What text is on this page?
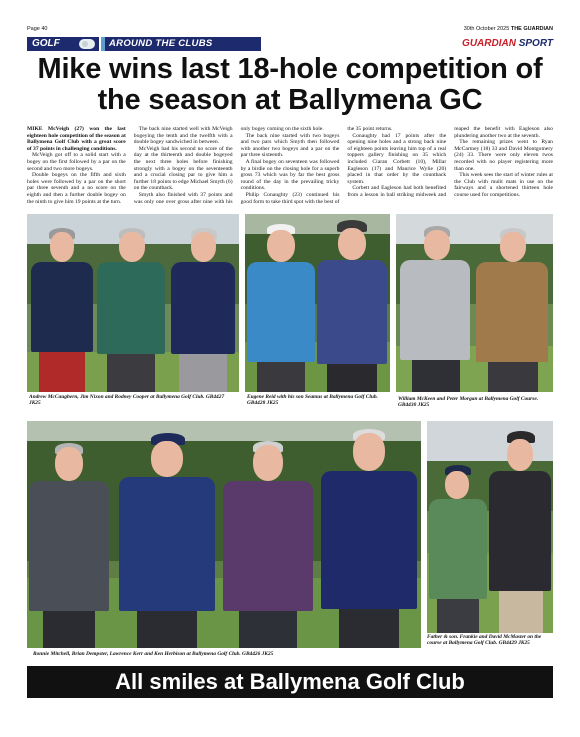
Page 40	30th October 2025 THE GUARDIAN
GOLF	AROUND THE CLUBS	GUARDIAN SPORT
Mike wins last 18-hole competition of the season at Ballymena GC

MIKE McVeigh (27) won the last eighteen hole competition of the season at Ballymena Golf Club with a great score of 37 points in challenging conditions.

McVeigh got off to a solid start with a bogey on the first followed by a par on the second and two more bogeys.

Double bogeys on the fifth and sixth holes were followed by a par on the short par three seventh and a no score on the eighth and then a further double bogey on the ninth to give him 19 points at the turn.

The back nine started well with McVeigh bogeying the tenth and the twelfth with a double bogey sandwiched in between.

McVeigh had his second no score of the day at the thirteenth and double bogeyed the next three holes before finishing strongly with a bogey on the seventeenth and a crucial closing par to give him a further 18 points to edge Michael Smyth (6) on the countback.

Smyth also finished with 37 points and was only one over gross after nine with his only bogey coming on the sixth hole.

The back nine started with two bogeys and two pars which Smyth then followed with another two bogeys and a par on the par three sixteenth.

A final bogey on seventeen was followed by a birdie on the closing hole for a superb gross 73 which was by far the best gross round of the day in the prevailing tricky conditions.

Philip Conaughty (23) continued his good form to take third spot with the best of the 35 point returns.

Conaughty had 17 points after the opening nine holes and a strong back nine of eighteen points leaving him top of a real toppers gallery finishing on 35 which included Ciaran Corbett (10), Millar Eagleson (17) and Maurice Wylie (20) placed in that order by the countback system.

Corbett and Eagleson had both benefited from a lesson in ball striking midweek and reaped the benefit with Eagleson also plundering another two at the seventh.

The remaining prizes went to Ryan McCartney (18) 33 and David Montgomery (24) 33. There were only eleven twos recorded with no player registering more than one.

This week sees the start of winter rules at the Club with mulit mats in use on the fairways and a shortened thirteen hole course used for competitions.

Andrew McCaughern, Jim Nixon and Rodney Cooper at Ballymena Golf Club. GB4427 JK25
Eugene Reid with his son Seamus at Ballymena Golf Club. GB4428 JK25
William McKeen and Peter Morgan at Ballymena Golf Course. GB4430 JK25
Ronnie Mitchell, Brian Dempster, Lawrence Kerr and Ken Herbison at Ballymena Golf Club. GB4426 JK25
Father & son. Frankie and David McMaster on the course at Ballymena Golf Club. GB4429 JK25
All smiles at Ballymena Golf Club
